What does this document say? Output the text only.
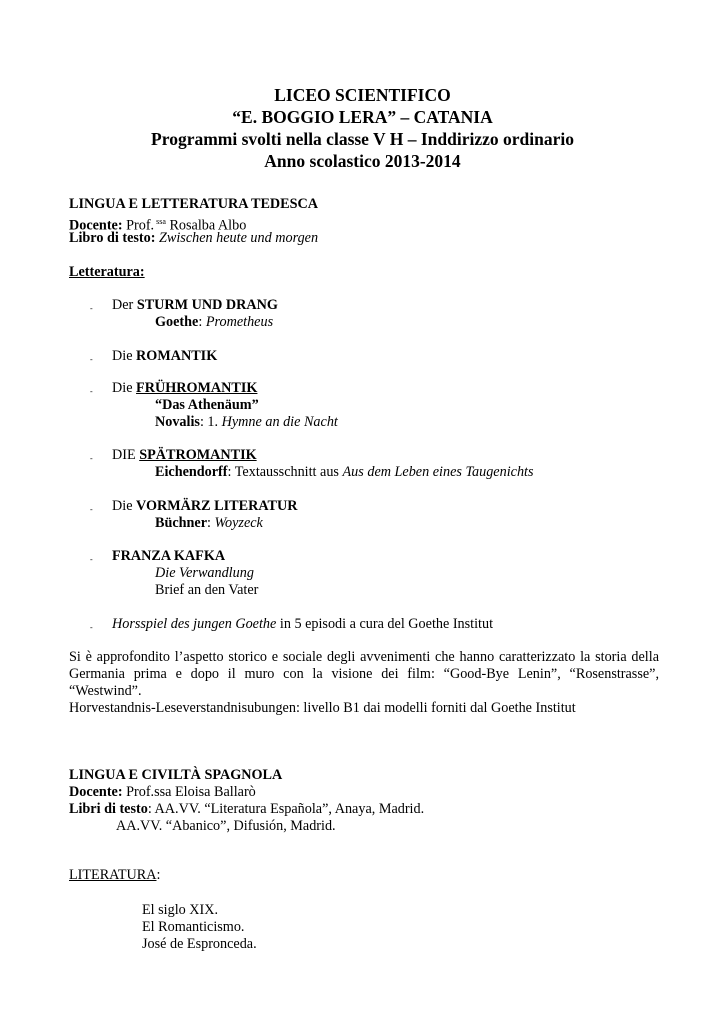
LICEO SCIENTIFICO
“E. BOGGIO LERA” – CATANIA
Programmi svolti nella classe V H – Inddirizzo ordinario
Anno scolastico 2013-2014
LINGUA E LETTERATURA TEDESCA
Docente: Prof. $^{ssa}$ Rosalba Albo
Libro di testo: Zwischen heute und morgen
Letteratura:
- Der STURM UND DRANG
Goethe: Prometheus
- Die ROMANTIK
- Die FRÜHROMANTIK
“Das Athenäum”
Novalis: 1. Hymne an die Nacht
- DIE SPÄTROMANTIK
Eichendorff: Textausschnitt aus Aus dem Leben eines Taugenichts
- Die VORMÄRZ LITERATUR
Büchner: Woyzeck
- FRANZA KAFKA
Die Verwandlung
Brief an den Vater
- Horsspiel des jungen Goethe in 5 episodi a cura del Goethe Institut
Si è approfondito l’aspetto storico e sociale degli avvenimenti che hanno caratterizzato la storia della Germania prima e dopo il muro con la visione dei film: “Good-Bye Lenin”, “Rosenstrasse”, “Westwind”.
Horvestandnis-Leseverstandnisubungen: livello B1 dai modelli forniti dal Goethe Institut
LINGUA E CIVILTÀ SPAGNOLA
Docente: Prof.ssa Eloisa Ballarò
Libri di testo: AA.VV. “Literatura Española”, Anaya, Madrid.
AA.VV. “Abanico”, Difusión, Madrid.
LITERATURA:
El siglo XIX.
El Romanticismo.
José de Espronceda.
